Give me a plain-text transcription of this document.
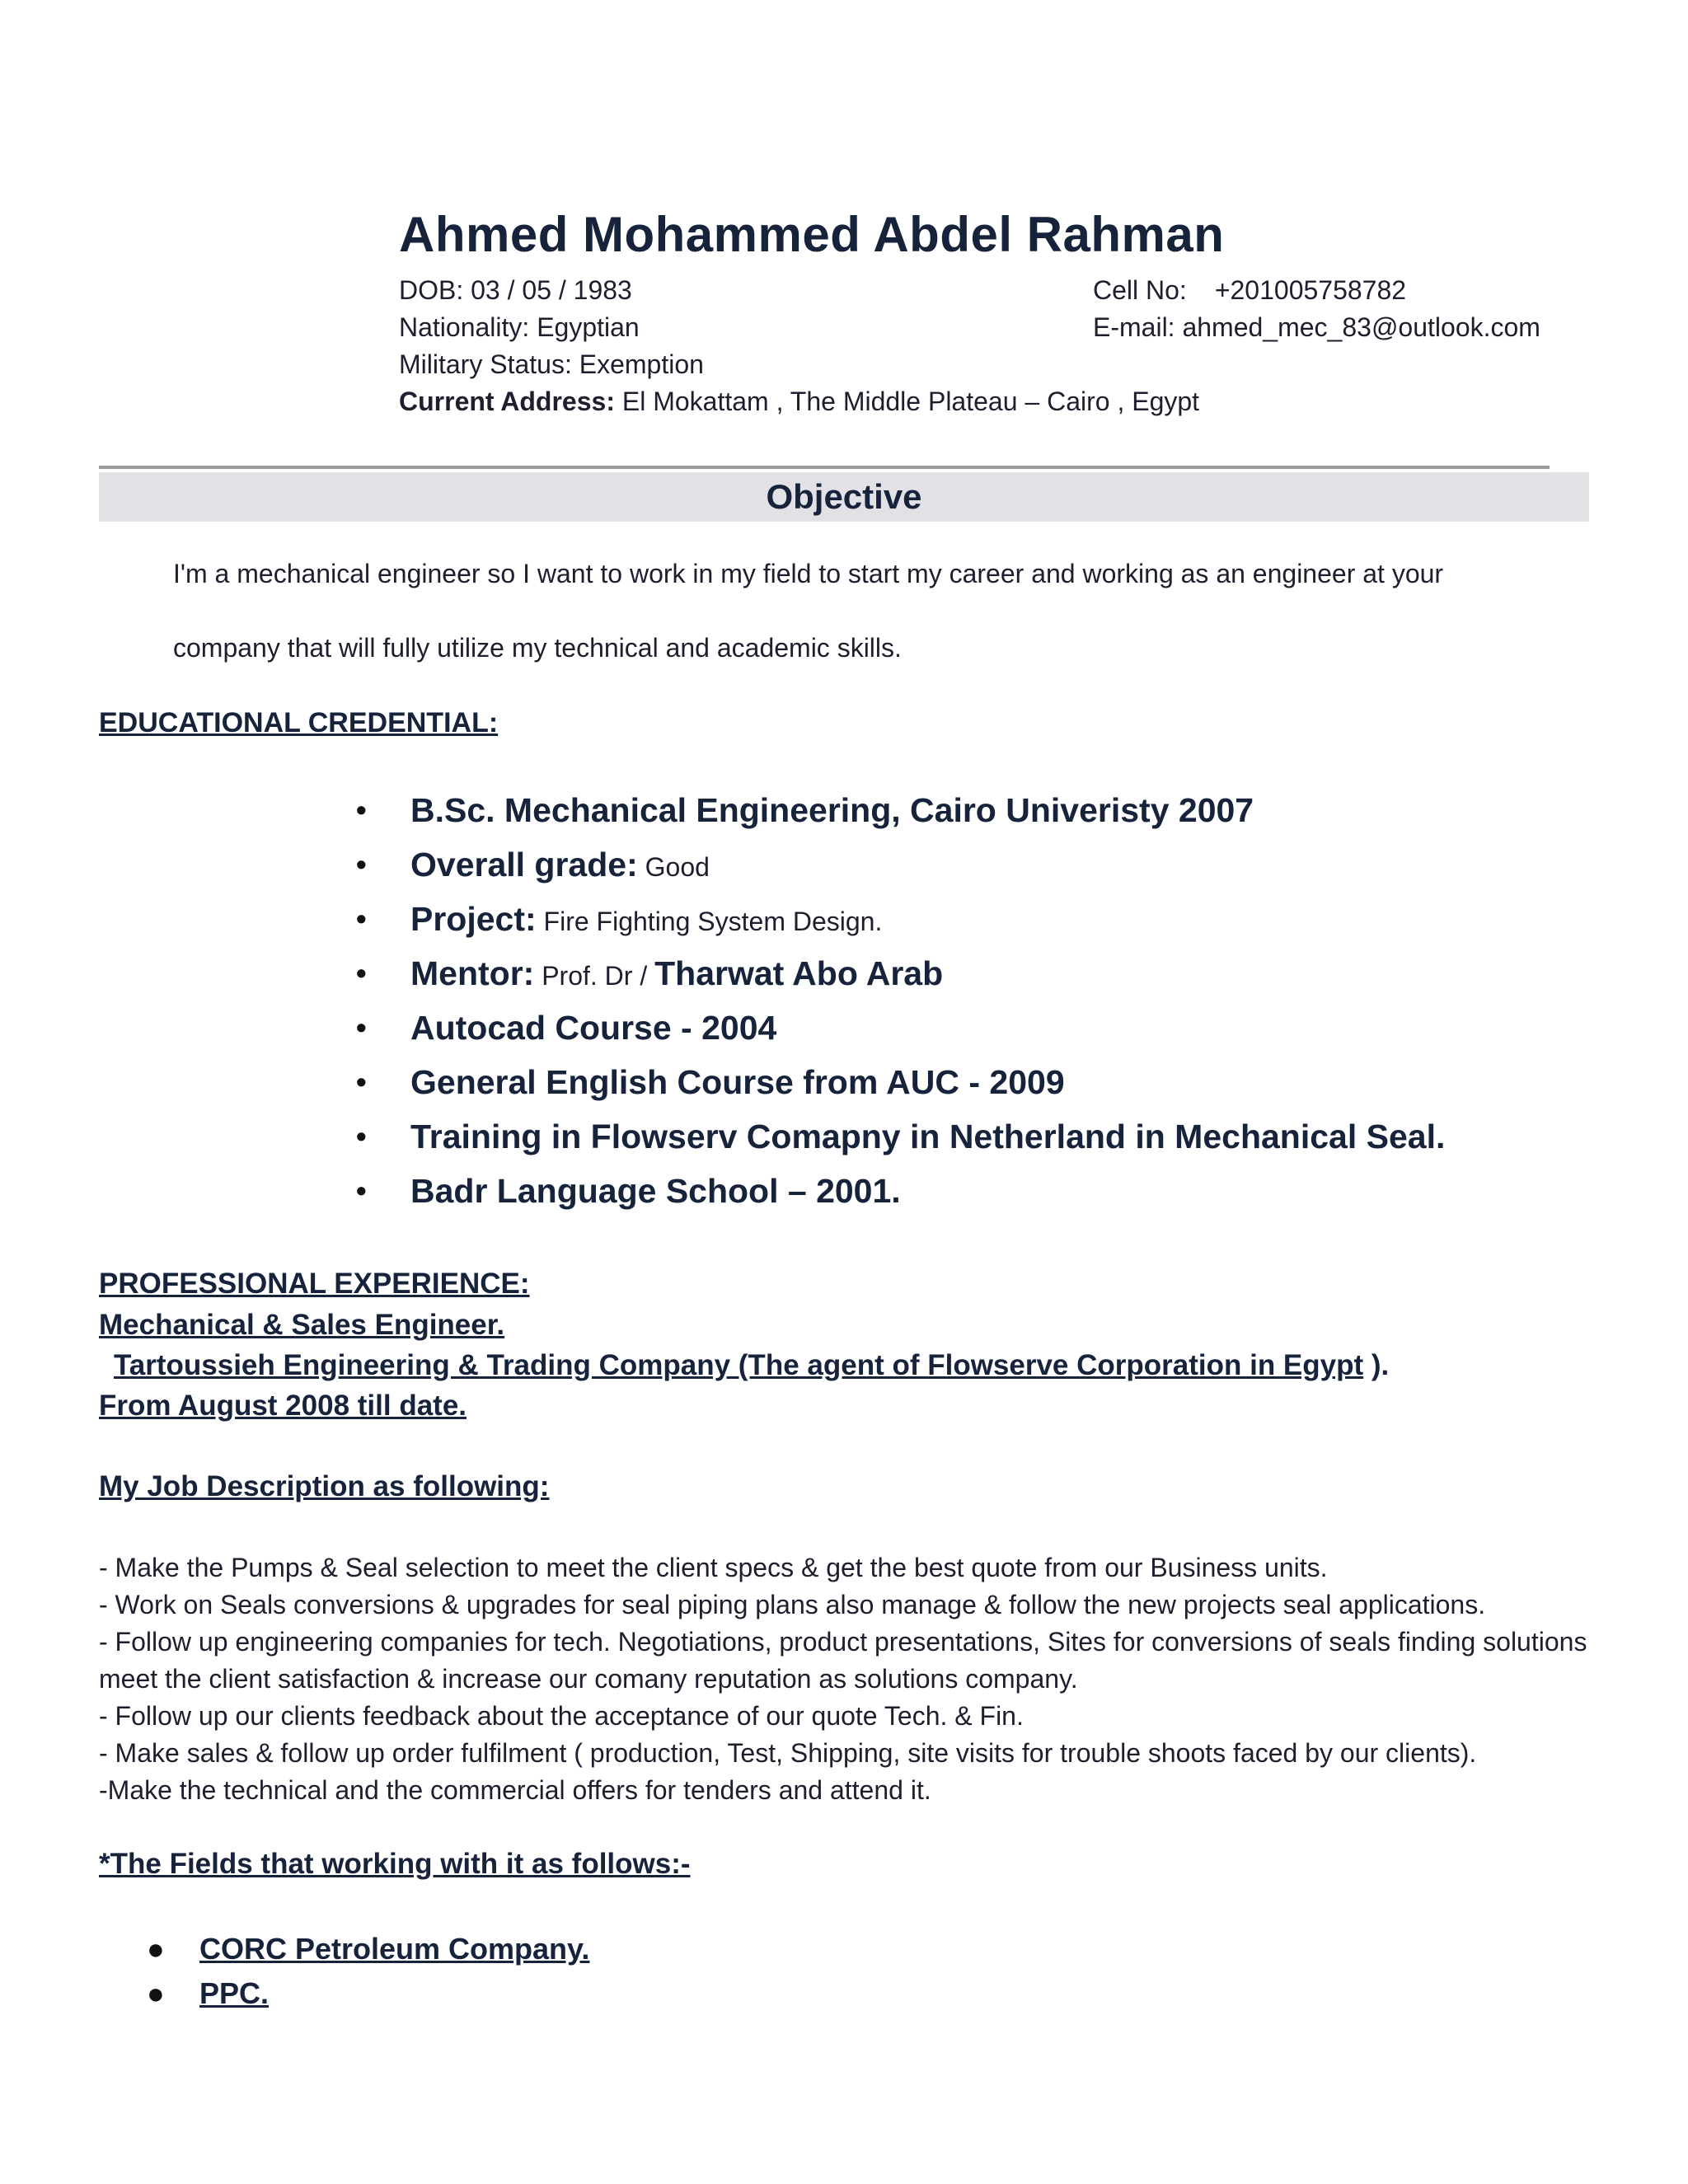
Ahmed Mohammed Abdel Rahman
DOB: 03 / 05 / 1983
Nationality: Egyptian
Military Status: Exemption
Current Address: El Mokattam , The Middle Plateau – Cairo , Egypt
Cell No: +201005758782
E-mail: ahmed_mec_83@outlook.com
Objective
I'm a mechanical engineer so I want to work in my field to start my career and working as an engineer at your
company that will fully utilize my technical and academic skills.
EDUCATIONAL CREDENTIAL:
• B.Sc. Mechanical Engineering, Cairo Univeristy 2007
• Overall grade: Good
• Project: Fire Fighting System Design.
• Mentor: Prof. Dr / Tharwat Abo Arab
• Autocad Course - 2004
• General English Course from AUC - 2009
• Training in Flowserv Comapny in Netherland in Mechanical Seal.
• Badr Language School – 2001.
PROFESSIONAL EXPERIENCE:
Mechanical & Sales Engineer.
Tartoussieh Engineering & Trading Company (The agent of Flowserve Corporation in Egypt ).
From August 2008 till date.
My Job Description as following:
- Make the Pumps & Seal selection to meet the client specs & get the best quote from our Business units.
- Work on Seals conversions & upgrades for seal piping plans also manage & follow the new projects seal applications.
- Follow up engineering companies for tech. Negotiations, product presentations, Sites for conversions of seals finding solutions meet the client satisfaction & increase our comany reputation as solutions company.
- Follow up our clients feedback about the acceptance of our quote Tech. & Fin.
- Make sales & follow up order fulfilment ( production, Test, Shipping, site visits for trouble shoots faced by our clients).
-Make the technical and the commercial offers for tenders and attend it.
*The Fields that working with it as follows:-
● CORC Petroleum Company.
● PPC.
